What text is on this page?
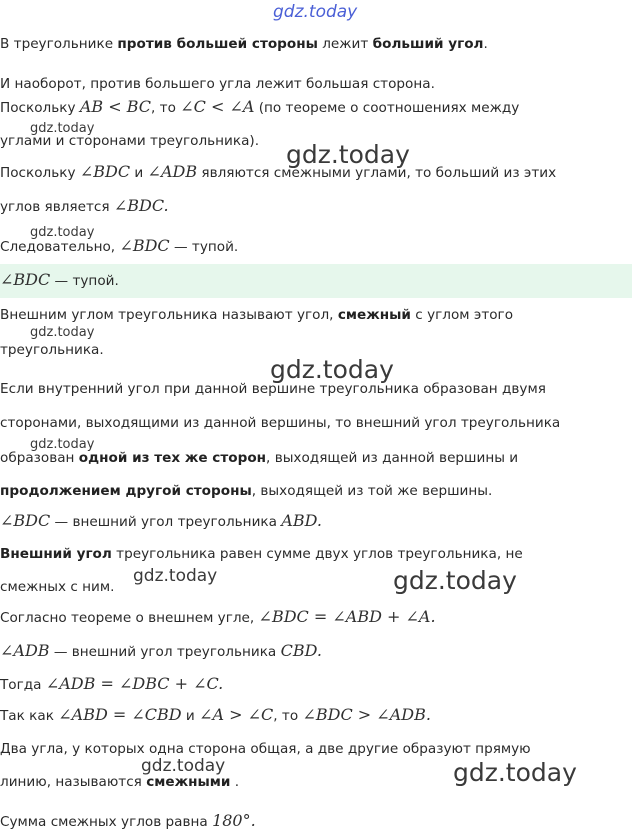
gdz.today
gdz.today
gdz.today
gdz.today
gdz.today
gdz.today
gdz.today
gdz.today	gdz.today
gdz.today	gdz.today
В треугольнике против большей стороны лежит больший угол.
И наоборот, против большего угла лежит большая сторона.
Поскольку AB < BC, то ∠C < ∠A (по теореме о соотношениях между
углами и сторонами треугольника).
Поскольку ∠BDC и ∠ADB являются смежными углами, то больший из этих
углов является ∠BDC.
Следовательно, ∠BDC — тупой.
∠BDC — тупой.
Внешним углом треугольника называют угол, смежный с углом этого
треугольника.
Если внутренний угол при данной вершине треугольника образован двумя
сторонами, выходящими из данной вершины, то внешний угол треугольника
образован одной из тех же сторон, выходящей из данной вершины и
продолжением другой стороны, выходящей из той же вершины.
∠BDC — внешний угол треугольника ABD.
Внешний угол треугольника равен сумме двух углов треугольника, не
смежных с ним.
Согласно теореме о внешнем угле, ∠BDC = ∠ABD + ∠A.
∠ADB — внешний угол треугольника CBD.
Тогда ∠ADB = ∠DBC + ∠C.
Так как ∠ABD = ∠CBD и ∠A > ∠C, то ∠BDC > ∠ADB.
Два угла, у которых одна сторона общая, а две другие образуют прямую
линию, называются смежными .
Сумма смежных углов равна 180°.
